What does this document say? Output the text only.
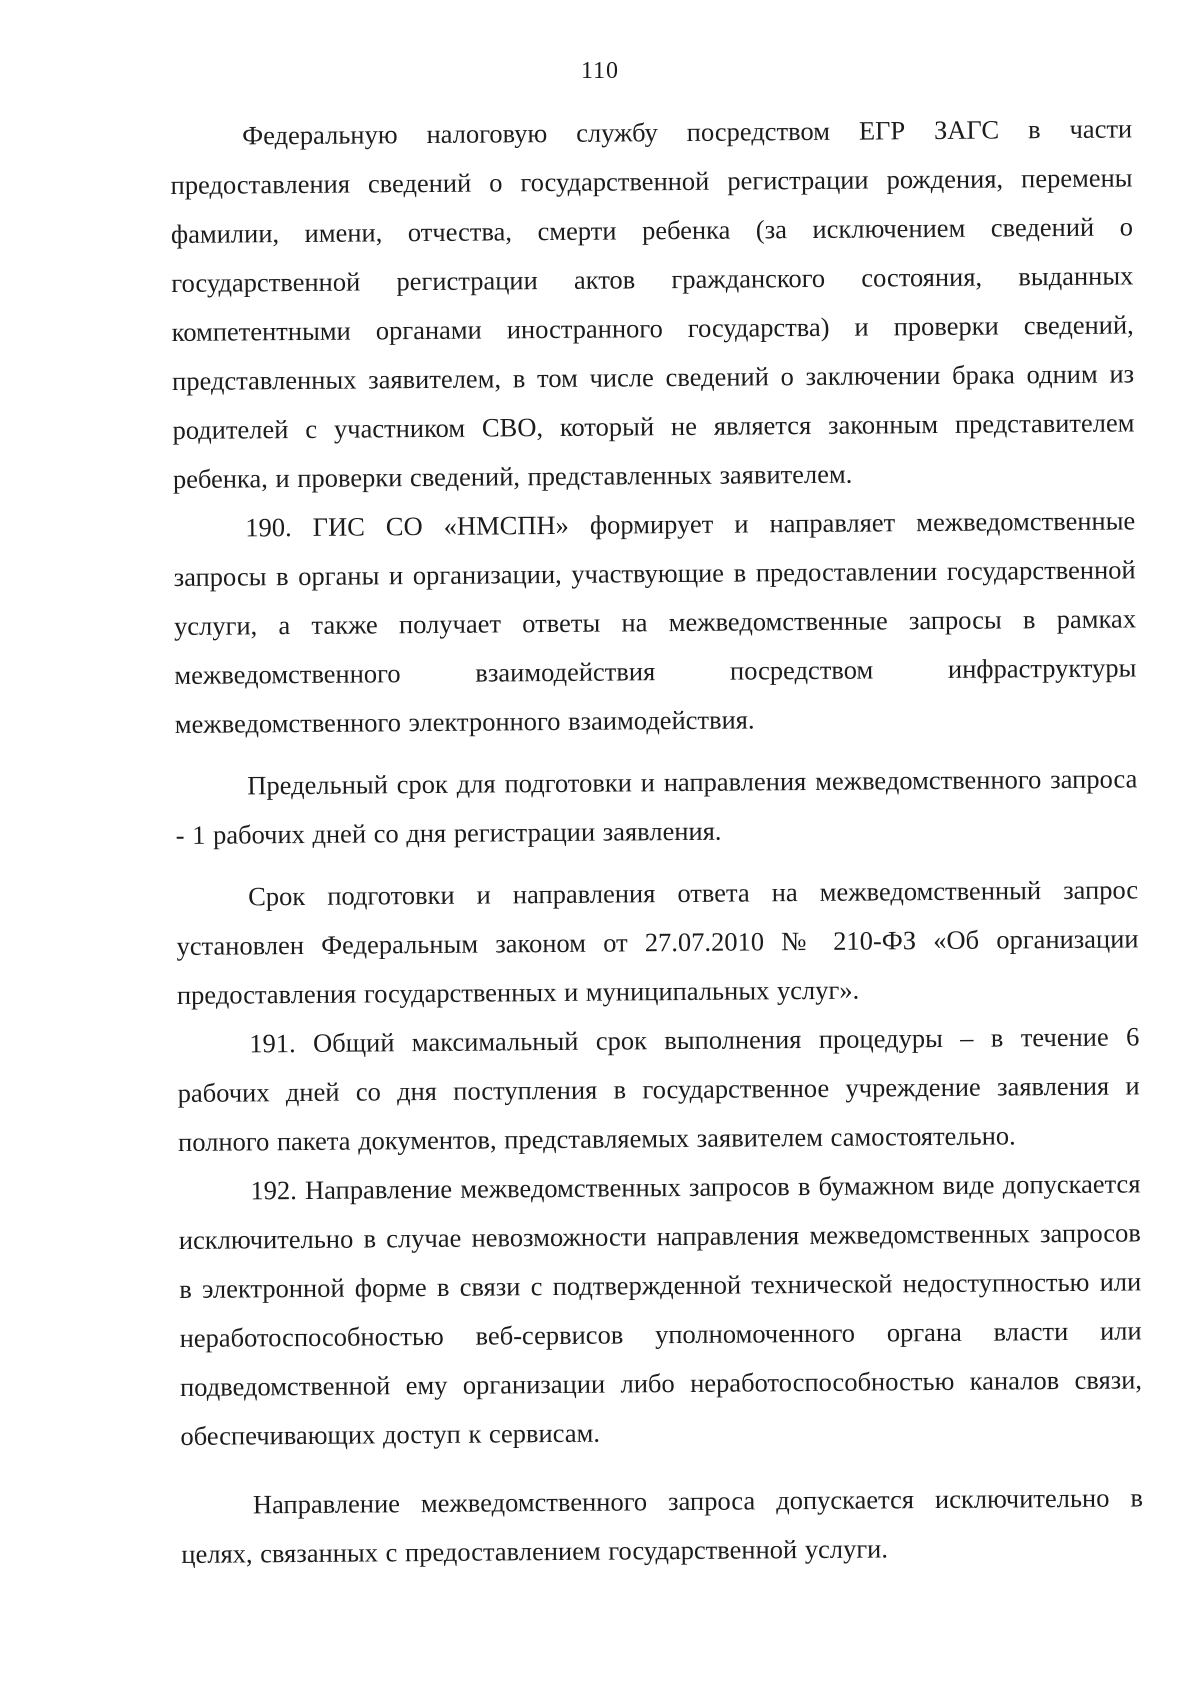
110

Федеральную налоговую службу посредством ЕГР ЗАГС в части предоставления сведений о государственной регистрации рождения, перемены фамилии, имени, отчества, смерти ребенка (за исключением сведений о государственной регистрации актов гражданского состояния, выданных компетентными органами иностранного государства) и проверки сведений, представленных заявителем, в том числе сведений о заключении брака одним из родителей с участником СВО, который не является законным представителем ребенка, и проверки сведений, представленных заявителем.

190. ГИС СО «НМСПН» формирует и направляет межведомственные запросы в органы и организации, участвующие в предоставлении государственной услуги, а также получает ответы на межведомственные запросы в рамках межведомственного взаимодействия посредством инфраструктуры межведомственного электронного взаимодействия.

Предельный срок для подготовки и направления межведомственного запроса - 1 рабочих дней со дня регистрации заявления.

Срок подготовки и направления ответа на межведомственный запрос установлен Федеральным законом от 27.07.2010 № 210-ФЗ «Об организации предоставления государственных и муниципальных услуг».

191. Общий максимальный срок выполнения процедуры – в течение 6 рабочих дней со дня поступления в государственное учреждение заявления и полного пакета документов, представляемых заявителем самостоятельно.

192. Направление межведомственных запросов в бумажном виде допускается исключительно в случае невозможности направления межведомственных запросов в электронной форме в связи с подтвержденной технической недоступностью или неработоспособностью веб-сервисов уполномоченного органа власти или подведомственной ему организации либо неработоспособностью каналов связи, обеспечивающих доступ к сервисам.

Направление межведомственного запроса допускается исключительно в целях, связанных с предоставлением государственной услуги.
